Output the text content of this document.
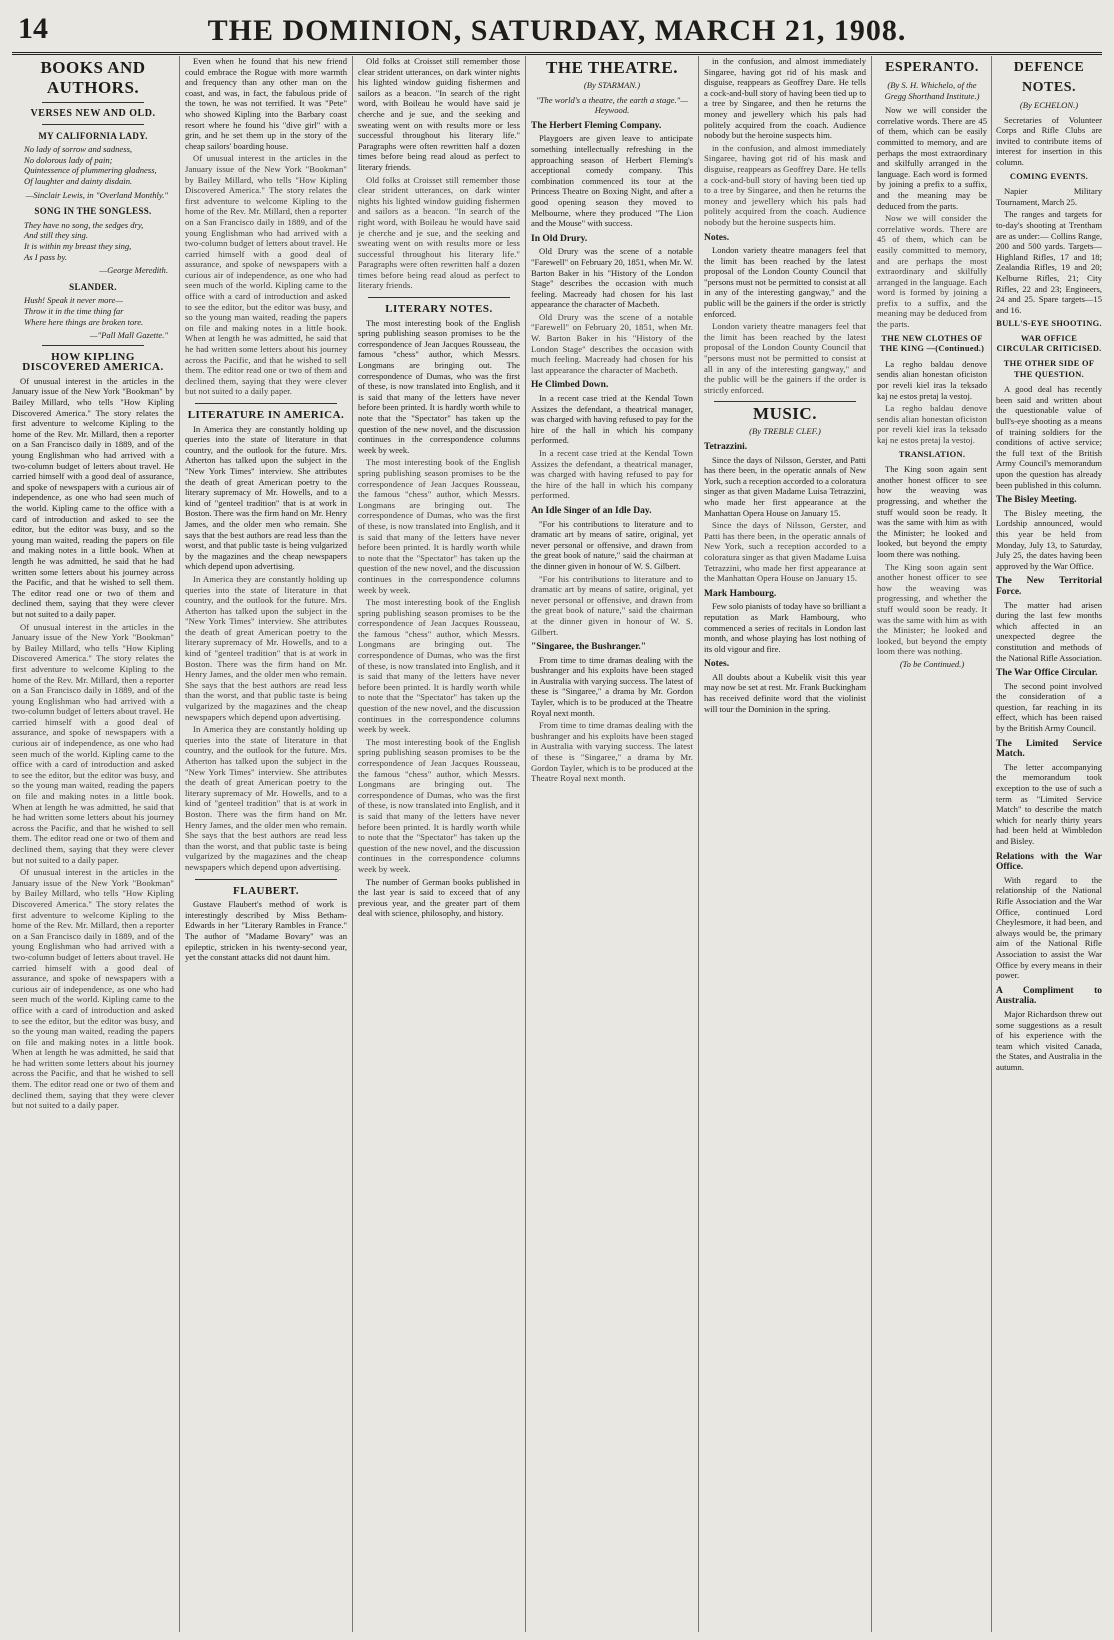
14	THE DOMINION, SATURDAY, MARCH 21, 1908.
BOOKS AND AUTHORS.
VERSES NEW AND OLD.
MY CALIFORNIA LADY.
No lady of sorrow and sadness,
No dolorous lady of pain;
Quintessence of plummering gladness,
Of laughter and dainty disdain.
—Sinclair Lewis, in "Overland Monthly."
SONG IN THE SONGLESS.
They have no song, the sedges dry,
And still they sing.
It is within my breast they sing,
As I pass by.
—George Meredith.
SLANDER.
Hush! Speak it never more—
Throw it in the time thing far
Where here things are broken tore.
—"Pall Mall Gazette."
HOW KIPLING DISCOVERED AMERICA.

Of unusual interest in the articles in the January issue of the New York "Bookman" by Bailey Millard, who tells "How Kipling Discovered America." The story relates the first adventure to welcome Kipling to the home of the Rev. Mr. Millard, then a reporter on a San Francisco daily in 1889, and of the young Englishman who had arrived with a two-column budget of letters about travel. He carried himself with a good deal of assurance, and spoke of newspapers with a curious air of independence, as one who had seen much of the world. Kipling came to the office with a card of introduction and asked to see the editor, but the editor was busy, and so the young man waited, reading the papers on file and making notes in a little book. When at length he was admitted, he said that he had written some letters about his journey across the Pacific, and that he wished to sell them. The editor read one or two of them and declined them, saying that they were clever but not suited to a daily paper.

Of unusual interest in the articles in the January issue of the New York "Bookman" by Bailey Millard, who tells "How Kipling Discovered America." The story relates the first adventure to welcome Kipling to the home of the Rev. Mr. Millard, then a reporter on a San Francisco daily in 1889, and of the young Englishman who had arrived with a two-column budget of letters about travel. He carried himself with a good deal of assurance, and spoke of newspapers with a curious air of independence, as one who had seen much of the world. Kipling came to the office with a card of introduction and asked to see the editor, but the editor was busy, and so the young man waited, reading the papers on file and making notes in a little book. When at length he was admitted, he said that he had written some letters about his journey across the Pacific, and that he wished to sell them. The editor read one or two of them and declined them, saying that they were clever but not suited to a daily paper.

Of unusual interest in the articles in the January issue of the New York "Bookman" by Bailey Millard, who tells "How Kipling Discovered America." The story relates the first adventure to welcome Kipling to the home of the Rev. Mr. Millard, then a reporter on a San Francisco daily in 1889, and of the young Englishman who had arrived with a two-column budget of letters about travel. He carried himself with a good deal of assurance, and spoke of newspapers with a curious air of independence, as one who had seen much of the world. Kipling came to the office with a card of introduction and asked to see the editor, but the editor was busy, and so the young man waited, reading the papers on file and making notes in a little book. When at length he was admitted, he said that he had written some letters about his journey across the Pacific, and that he wished to sell them. The editor read one or two of them and declined them, saying that they were clever but not suited to a daily paper.

Even when he found that his new friend could embrace the Rogue with more warmth and frequency than any other man on the coast, and was, in fact, the fabulous pride of the town, he was not terrified. It was "Pete" who showed Kipling into the Barbary coast resort where he found his "dive girl" with a grin, and he set them up in the story of the cheap sailors' boarding house.

Of unusual interest in the articles in the January issue of the New York "Bookman" by Bailey Millard, who tells "How Kipling Discovered America." The story relates the first adventure to welcome Kipling to the home of the Rev. Mr. Millard, then a reporter on a San Francisco daily in 1889, and of the young Englishman who had arrived with a two-column budget of letters about travel. He carried himself with a good deal of assurance, and spoke of newspapers with a curious air of independence, as one who had seen much of the world. Kipling came to the office with a card of introduction and asked to see the editor, but the editor was busy, and so the young man waited, reading the papers on file and making notes in a little book. When at length he was admitted, he said that he had written some letters about his journey across the Pacific, and that he wished to sell them. The editor read one or two of them and declined them, saying that they were clever but not suited to a daily paper.

LITERATURE IN AMERICA.

In America they are constantly holding up queries into the state of literature in that country, and the outlook for the future. Mrs. Atherton has talked upon the subject in the "New York Times" interview. She attributes the death of great American poetry to the literary supremacy of Mr. Howells, and to a kind of "genteel tradition" that is at work in Boston. There was the firm hand on Mr. Henry James, and the older men who remain. She says that the best authors are read less than the worst, and that public taste is being vulgarized by the magazines and the cheap newspapers which depend upon advertising.

In America they are constantly holding up queries into the state of literature in that country, and the outlook for the future. Mrs. Atherton has talked upon the subject in the "New York Times" interview. She attributes the death of great American poetry to the literary supremacy of Mr. Howells, and to a kind of "genteel tradition" that is at work in Boston. There was the firm hand on Mr. Henry James, and the older men who remain. She says that the best authors are read less than the worst, and that public taste is being vulgarized by the magazines and the cheap newspapers which depend upon advertising.

In America they are constantly holding up queries into the state of literature in that country, and the outlook for the future. Mrs. Atherton has talked upon the subject in the "New York Times" interview. She attributes the death of great American poetry to the literary supremacy of Mr. Howells, and to a kind of "genteel tradition" that is at work in Boston. There was the firm hand on Mr. Henry James, and the older men who remain. She says that the best authors are read less than the worst, and that public taste is being vulgarized by the magazines and the cheap newspapers which depend upon advertising.

FLAUBERT.

Gustave Flaubert's method of work is interestingly described by Miss Betham-Edwards in her "Literary Rambles in France." The author of "Madame Bovary" was an epileptic, stricken in his twenty-second year, yet the constant attacks did not daunt him.

Old folks at Croisset still remember those clear strident utterances, on dark winter nights his lighted window guiding fishermen and sailors as a beacon. "In search of the right word, with Boileau he would have said je cherche and je sue, and the seeking and sweating went on with results more or less successful throughout his literary life." Paragraphs were often rewritten half a dozen times before being read aloud as perfect to literary friends.

Old folks at Croisset still remember those clear strident utterances, on dark winter nights his lighted window guiding fishermen and sailors as a beacon. "In search of the right word, with Boileau he would have said je cherche and je sue, and the seeking and sweating went on with results more or less successful throughout his literary life." Paragraphs were often rewritten half a dozen times before being read aloud as perfect to literary friends.

LITERARY NOTES.

The most interesting book of the English spring publishing season promises to be the correspondence of Jean Jacques Rousseau, the famous "chess" author, which Messrs. Longmans are bringing out. The correspondence of Dumas, who was the first of these, is now translated into English, and it is said that many of the letters have never before been printed. It is hardly worth while to note that the "Spectator" has taken up the question of the new novel, and the discussion continues in the correspondence columns week by week.

The most interesting book of the English spring publishing season promises to be the correspondence of Jean Jacques Rousseau, the famous "chess" author, which Messrs. Longmans are bringing out. The correspondence of Dumas, who was the first of these, is now translated into English, and it is said that many of the letters have never before been printed. It is hardly worth while to note that the "Spectator" has taken up the question of the new novel, and the discussion continues in the correspondence columns week by week.

The most interesting book of the English spring publishing season promises to be the correspondence of Jean Jacques Rousseau, the famous "chess" author, which Messrs. Longmans are bringing out. The correspondence of Dumas, who was the first of these, is now translated into English, and it is said that many of the letters have never before been printed. It is hardly worth while to note that the "Spectator" has taken up the question of the new novel, and the discussion continues in the correspondence columns week by week.

The most interesting book of the English spring publishing season promises to be the correspondence of Jean Jacques Rousseau, the famous "chess" author, which Messrs. Longmans are bringing out. The correspondence of Dumas, who was the first of these, is now translated into English, and it is said that many of the letters have never before been printed. It is hardly worth while to note that the "Spectator" has taken up the question of the new novel, and the discussion continues in the correspondence columns week by week.

The number of German books published in the last year is said to exceed that of any previous year, and the greater part of them deal with science, philosophy, and history.

THE THEATRE.
(By STARMAN.)

"The world's a theatre, the earth a stage."—Heywood.

The Herbert Fleming Company.

Playgoers are given leave to anticipate something intellectually refreshing in the approaching season of Herbert Fleming's acceptional comedy company. This combination commenced its tour at the Princess Theatre on Boxing Night, and after a good opening season they moved to Melbourne, where they produced "The Lion and the Mouse" with success.

In Old Drury.

Old Drury was the scene of a notable "Farewell" on February 20, 1851, when Mr. W. Barton Baker in his "History of the London Stage" describes the occasion with much feeling. Macready had chosen for his last appearance the character of Macbeth.

Old Drury was the scene of a notable "Farewell" on February 20, 1851, when Mr. W. Barton Baker in his "History of the London Stage" describes the occasion with much feeling. Macready had chosen for his last appearance the character of Macbeth.

He Climbed Down.

In a recent case tried at the Kendal Town Assizes the defendant, a theatrical manager, was charged with having refused to pay for the hire of the hall in which his company performed.

In a recent case tried at the Kendal Town Assizes the defendant, a theatrical manager, was charged with having refused to pay for the hire of the hall in which his company performed.

An Idle Singer of an Idle Day.

"For his contributions to literature and to dramatic art by means of satire, original, yet never personal or offensive, and drawn from the great book of nature," said the chairman at the dinner given in honour of W. S. Gilbert.

"For his contributions to literature and to dramatic art by means of satire, original, yet never personal or offensive, and drawn from the great book of nature," said the chairman at the dinner given in honour of W. S. Gilbert.

"Singaree, the Bushranger."

From time to time dramas dealing with the bushranger and his exploits have been staged in Australia with varying success. The latest of these is "Singaree," a drama by Mr. Gordon Tayler, which is to be produced at the Theatre Royal next month.

From time to time dramas dealing with the bushranger and his exploits have been staged in Australia with varying success. The latest of these is "Singaree," a drama by Mr. Gordon Tayler, which is to be produced at the Theatre Royal next month.

in the confusion, and almost immediately Singaree, having got rid of his mask and disguise, reappears as Geoffrey Dare. He tells a cock-and-bull story of having been tied up to a tree by Singaree, and then he returns the money and jewellery which his pals had politely acquired from the coach. Audience nobody but the heroine suspects him.

in the confusion, and almost immediately Singaree, having got rid of his mask and disguise, reappears as Geoffrey Dare. He tells a cock-and-bull story of having been tied up to a tree by Singaree, and then he returns the money and jewellery which his pals had politely acquired from the coach. Audience nobody but the heroine suspects him.

Notes.

London variety theatre managers feel that the limit has been reached by the latest proposal of the London County Council that "persons must not be permitted to consist at all in any of the interesting gangway," and the public will be the gainers if the order is strictly enforced.

London variety theatre managers feel that the limit has been reached by the latest proposal of the London County Council that "persons must not be permitted to consist at all in any of the interesting gangway," and the public will be the gainers if the order is strictly enforced.

MUSIC.
(By TREBLE CLEF.)
Tetrazzini.

Since the days of Nilsson, Gerster, and Patti has there been, in the operatic annals of New York, such a reception accorded to a coloratura singer as that given Madame Luisa Tetrazzini, who made her first appearance at the Manhattan Opera House on January 15.

Since the days of Nilsson, Gerster, and Patti has there been, in the operatic annals of New York, such a reception accorded to a coloratura singer as that given Madame Luisa Tetrazzini, who made her first appearance at the Manhattan Opera House on January 15.

Mark Hambourg.

Few solo pianists of today have so brilliant a reputation as Mark Hambourg, who commenced a series of recitals in London last month, and whose playing has lost nothing of its old vigour and fire.

Notes.

All doubts about a Kubelik visit this year may now be set at rest. Mr. Frank Buckingham has received definite word that the violinist will tour the Dominion in the spring.

ESPERANTO.
(By S. H. Whichelo, of the Gregg Shorthand Institute.)

Now we will consider the correlative words. There are 45 of them, which can be easily committed to memory, and are perhaps the most extraordinary and skilfully arranged in the language. Each word is formed by joining a prefix to a suffix, and the meaning may be deduced from the parts.

Now we will consider the correlative words. There are 45 of them, which can be easily committed to memory, and are perhaps the most extraordinary and skilfully arranged in the language. Each word is formed by joining a prefix to a suffix, and the meaning may be deduced from the parts.

THE NEW CLOTHES OF THE KING —(Continued.)

La regho baldau denove sendis alian honestan oficiston por reveli kiel iras la teksado kaj ne estos pretaj la vestoj.

La regho baldau denove sendis alian honestan oficiston por reveli kiel iras la teksado kaj ne estos pretaj la vestoj.

TRANSLATION.

The King soon again sent another honest officer to see how the weaving was progressing, and whether the stuff would soon be ready. It was the same with him as with the Minister; he looked and looked, but beyond the empty loom there was nothing.

The King soon again sent another honest officer to see how the weaving was progressing, and whether the stuff would soon be ready. It was the same with him as with the Minister; he looked and looked, but beyond the empty loom there was nothing.

(To be Continued.)

DEFENCE NOTES.
(By ECHELON.)

Secretaries of Volunteer Corps and Rifle Clubs are invited to contribute items of interest for insertion in this column.

COMING EVENTS.

Napier Military Tournament, March 25.

The ranges and targets for to-day's shooting at Trentham are as under:— Collins Range, 200 and 500 yards. Targets—Highland Rifles, 17 and 18; Zealandia Rifles, 19 and 20; Kelburne Rifles, 21; City Rifles, 22 and 23; Engineers, 24 and 25. Spare targets—15 and 16.

BULL'S-EYE SHOOTING.
WAR OFFICE CIRCULAR CRITICISED.
THE OTHER SIDE OF THE QUESTION.

A good deal has recently been said and written about the questionable value of bull's-eye shooting as a means of training soldiers for the conditions of active service; the full text of the British Army Council's memorandum upon the question has already been published in this column.

The Bisley Meeting.

The Bisley meeting, the Lordship announced, would this year be held from Monday, July 13, to Saturday, July 25, the dates having been approved by the War Office.

The New Territorial Force.

The matter had arisen during the last few months which affected in an unexpected degree the constitution and methods of the National Rifle Association.

The War Office Circular.

The second point involved the consideration of a question, far reaching in its effect, which has been raised by the British Army Council.

The Limited Service Match.

The letter accompanying the memorandum took exception to the use of such a term as "Limited Service Match" to describe the match which for nearly thirty years had been held at Wimbledon and Bisley.

Relations with the War Office.

With regard to the relationship of the National Rifle Association and the War Office, continued Lord Cheylesmore, it had been, and always would be, the primary aim of the National Rifle Association to assist the War Office by every means in their power.

A Compliment to Australia.

Major Richardson threw out some suggestions as a result of his experience with the team which visited Canada, the States, and Australia in the autumn.
